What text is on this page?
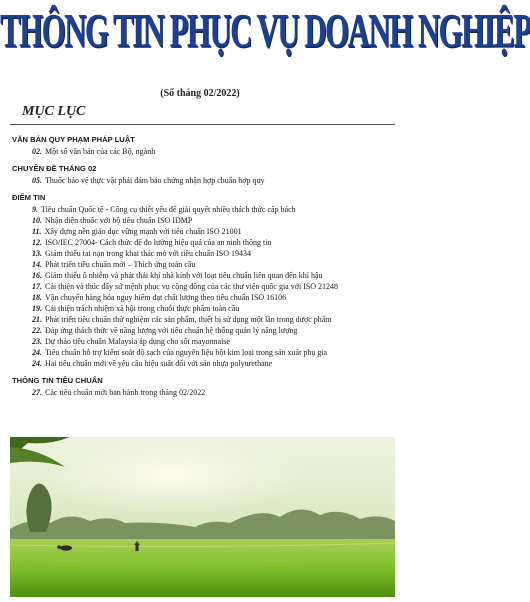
THÔNG TIN PHỤC VỤ DOANH NGHIỆP
(Số tháng 02/2022)
MỤC LỤC
VĂN BẢN QUY PHẠM PHÁP LUẬT
02. Một số văn bản của các Bộ, ngành
CHUYÊN ĐỀ THÁNG 02
05. Thuốc bảo vệ thực vật phải đảm bảo chứng nhận hợp chuẩn hợp quy
ĐIỂM TIN
9. Tiêu chuẩn Quốc tế - Công cụ thiết yếu để giải quyết nhiều thách thức cấp bách
10. Nhận diện thuốc với bộ tiêu chuẩn ISO IDMP
11. Xây dựng nền giáo dục vững mạnh với tiêu chuẩn ISO 21001
12. ISO/IEC 27004- Cách thức để đo lường hiệu quả của an ninh thông tin
13. Giảm thiểu tai nạn trong khai thác mỏ với tiêu chuẩn ISO 19434
14. Phát triển tiêu chuẩn mới – Thích ứng toàn cầu
16. Giảm thiểu ô nhiễm và phát thải khí nhà kính với loạt tiêu chuẩn liên quan đến khí hậu
17. Cải thiện và thúc đẩy sứ mệnh phục vụ cộng đồng của các thư viện quốc gia với ISO 21248
18. Vận chuyển hàng hóa nguy hiểm đạt chất lượng theo tiêu chuẩn ISO 16106
19. Cải thiện trách nhiệm xã hội trong chuỗi thực phẩm toàn cầu
21. Phát triển tiêu chuẩn thử nghiệm các sản phẩm, thiết bị sử dụng một lần trong dược phẩm
22. Đáp ứng thách thức về năng lượng với tiêu chuẩn hệ thống quản lý năng lượng
23. Dự thảo tiêu chuẩn Malaysia áp dụng cho sốt mayonnaise
24. Tiêu chuẩn hỗ trợ kiểm soát độ sạch của nguyên liệu bột kim loại trong sản xuất phụ gia
24. Hai tiêu chuẩn mới về yêu cầu hiệu suất đối với sản nhựa polyurethane
THÔNG TIN TIÊU CHUẨN
27. Các tiêu chuẩn mới ban hành trong tháng 02/2022
